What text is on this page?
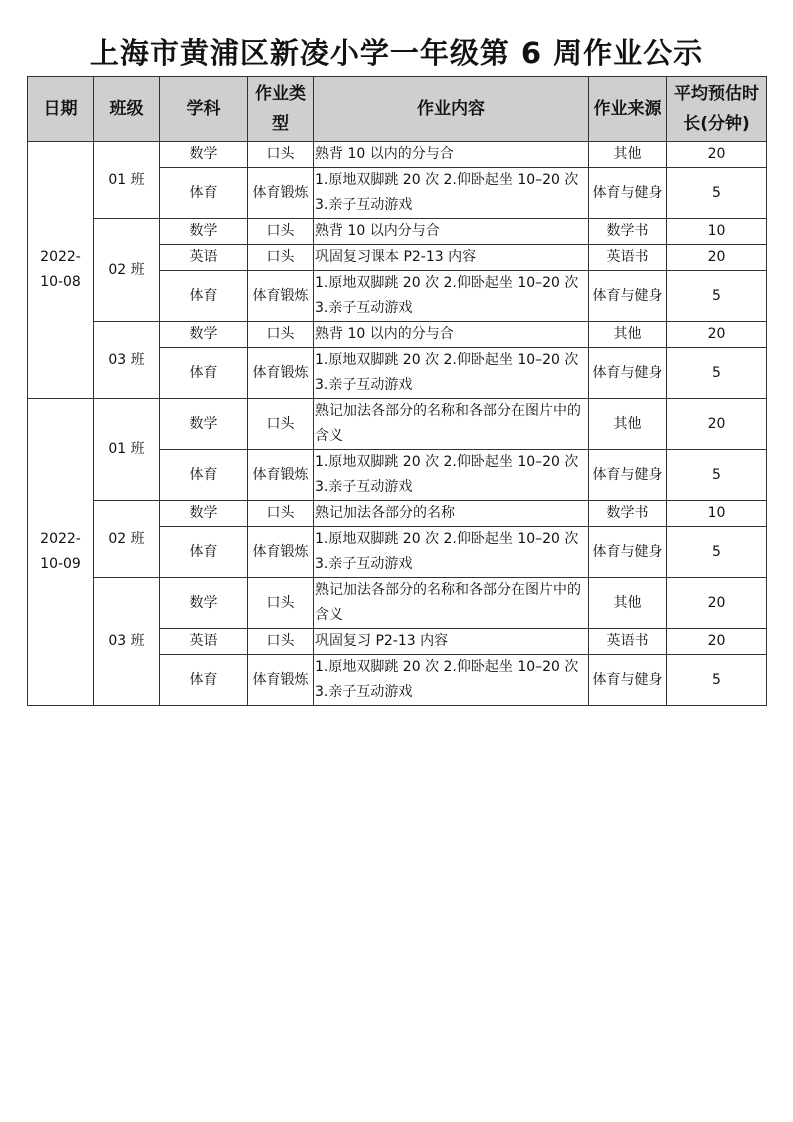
上海市黄浦区新凌小学一年级第 6 周作业公示
日期	班级	学科	作业类型	作业内容	作业来源	平均预估时长(分钟)
2022-10-08	01 班	数学	口头	熟背 10 以内的分与合	其他	20
		体育	体育锻炼	1.原地双脚跳 20 次 2.仰卧起坐 10–20 次 3.亲子互动游戏	体育与健身	5
	02 班	数学	口头	熟背 10 以内分与合	数学书	10
		英语	口头	巩固复习课本 P2-13 内容	英语书	20
		体育	体育锻炼	1.原地双脚跳 20 次 2.仰卧起坐 10–20 次 3.亲子互动游戏	体育与健身	5
	03 班	数学	口头	熟背 10 以内的分与合	其他	20
		体育	体育锻炼	1.原地双脚跳 20 次 2.仰卧起坐 10–20 次 3.亲子互动游戏	体育与健身	5
2022-10-09	01 班	数学	口头	熟记加法各部分的名称和各部分在图片中的含义	其他	20
		体育	体育锻炼	1.原地双脚跳 20 次 2.仰卧起坐 10–20 次 3.亲子互动游戏	体育与健身	5
	02 班	数学	口头	熟记加法各部分的名称	数学书	10
		体育	体育锻炼	1.原地双脚跳 20 次 2.仰卧起坐 10–20 次 3.亲子互动游戏	体育与健身	5
	03 班	数学	口头	熟记加法各部分的名称和各部分在图片中的含义	其他	20
		英语	口头	巩固复习 P2-13 内容	英语书	20
		体育	体育锻炼	1.原地双脚跳 20 次 2.仰卧起坐 10–20 次 3.亲子互动游戏	体育与健身	5
